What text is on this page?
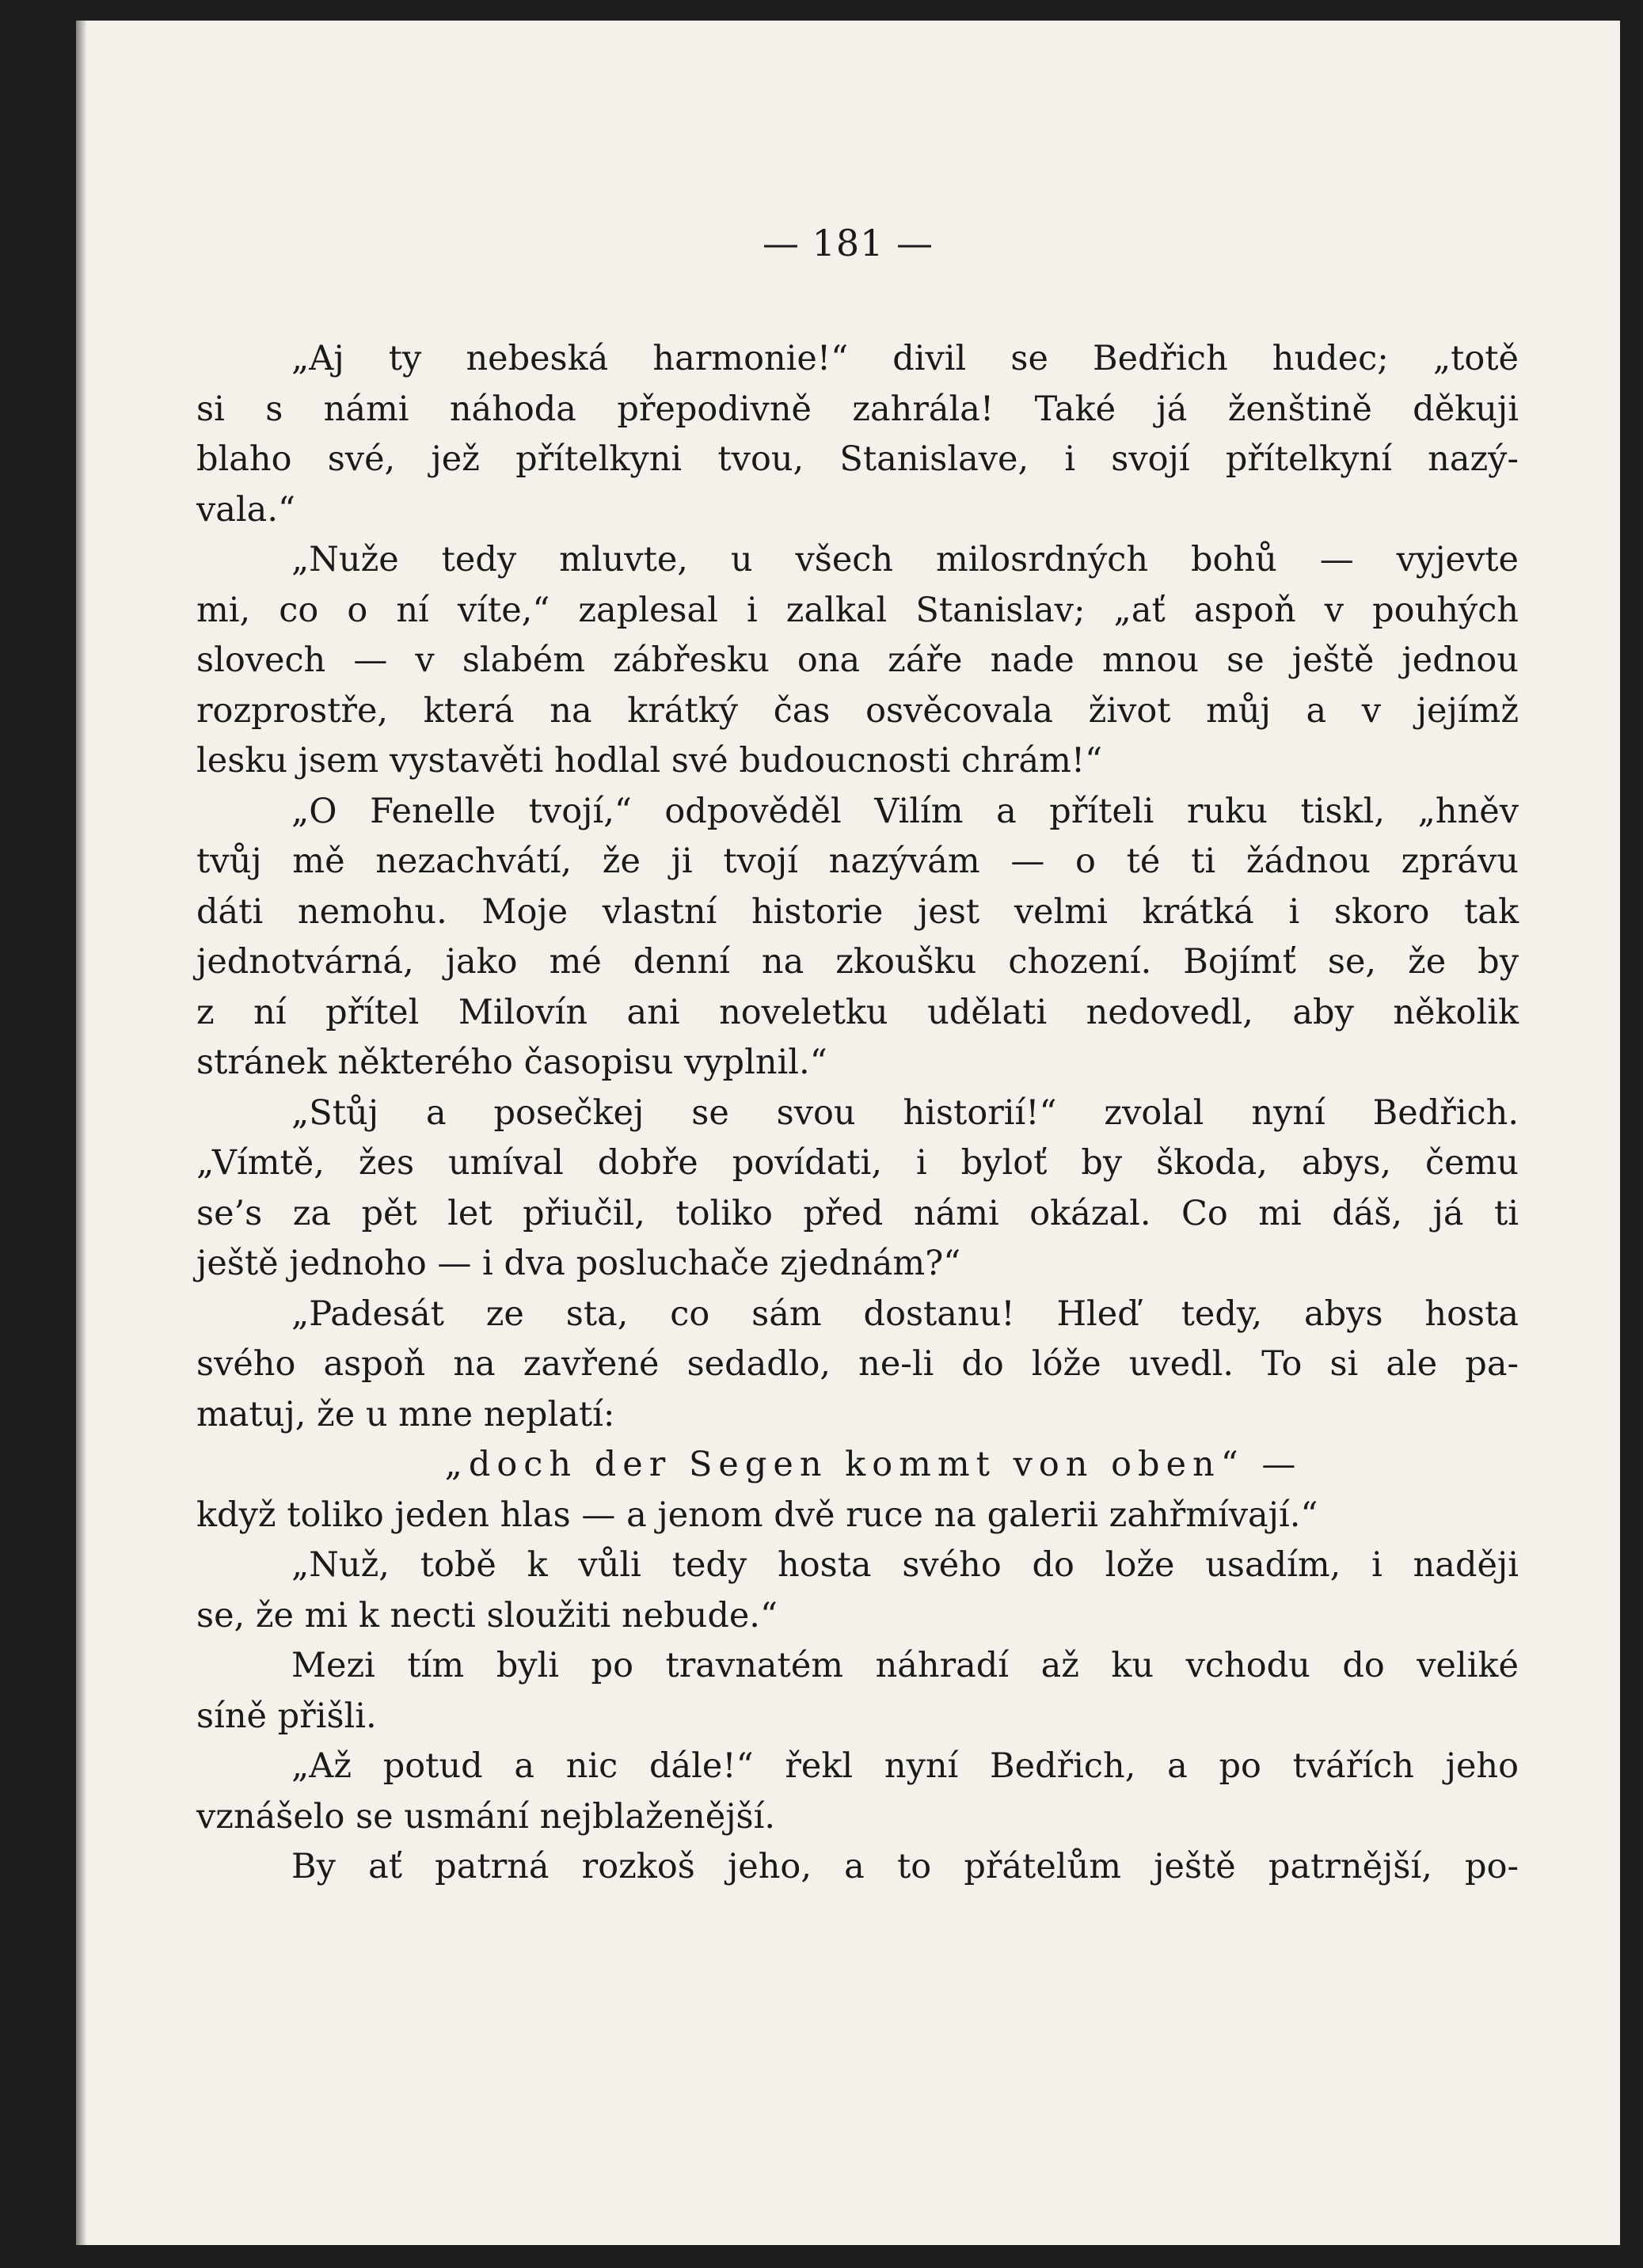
— 181 —

„Aj ty nebeská harmonie!“ divil se Bedřich hudec; „totě
si s námi náhoda přepodivně zahrála! Také já ženštině děkuji
blaho své, jež přítelkyni tvou, Stanislave, i svojí přítelkyní nazý-
vala.“

„Nuže tedy mluvte, u všech milosrdných bohů — vyjevte
mi, co o ní víte,“ zaplesal i zalkal Stanislav; „ať aspoň v pouhých
slovech — v slabém zábřesku ona záře nade mnou se ještě jednou
rozprostře, která na krátký čas osvěcovala život můj a v jejímž
lesku jsem vystavěti hodlal své budoucnosti chrám!“

„O Fenelle tvojí,“ odpověděl Vilím a příteli ruku tiskl, „hněv
tvůj mě nezachvátí, že ji tvojí nazývám — o té ti žádnou zprávu
dáti nemohu. Moje vlastní historie jest velmi krátká i skoro tak
jednotvárná, jako mé denní na zkoušku chození. Bojímť se, že by
z ní přítel Milovín ani noveletku udělati nedovedl, aby několik
stránek některého časopisu vyplnil.“

„Stůj a posečkej se svou historií!“ zvolal nyní Bedřich.
„Vímtě, žes umíval dobře povídati, i byloť by škoda, abys, čemu
se’s za pět let přiučil, toliko před námi okázal. Co mi dáš, já ti
ještě jednoho — i dva posluchače zjednám?“

„Padesát ze sta, co sám dostanu! Hleď tedy, abys hosta
svého aspoň na zavřené sedadlo, ne-li do lóže uvedl. To si ale pa-
matuj, že u mne neplatí:

„doch der Segen kommt von oben“ —

když toliko jeden hlas — a jenom dvě ruce na galerii zahřmívají.“

„Nuž, tobě k vůli tedy hosta svého do lože usadím, i naději
se, že mi k necti sloužiti nebude.“

Mezi tím byli po travnatém náhradí až ku vchodu do veliké
síně přišli.

„Až potud a nic dále!“ řekl nyní Bedřich, a po tvářích jeho
vznášelo se usmání nejblaženější.

By ať patrná rozkoš jeho, a to přátelům ještě patrnější, po-
